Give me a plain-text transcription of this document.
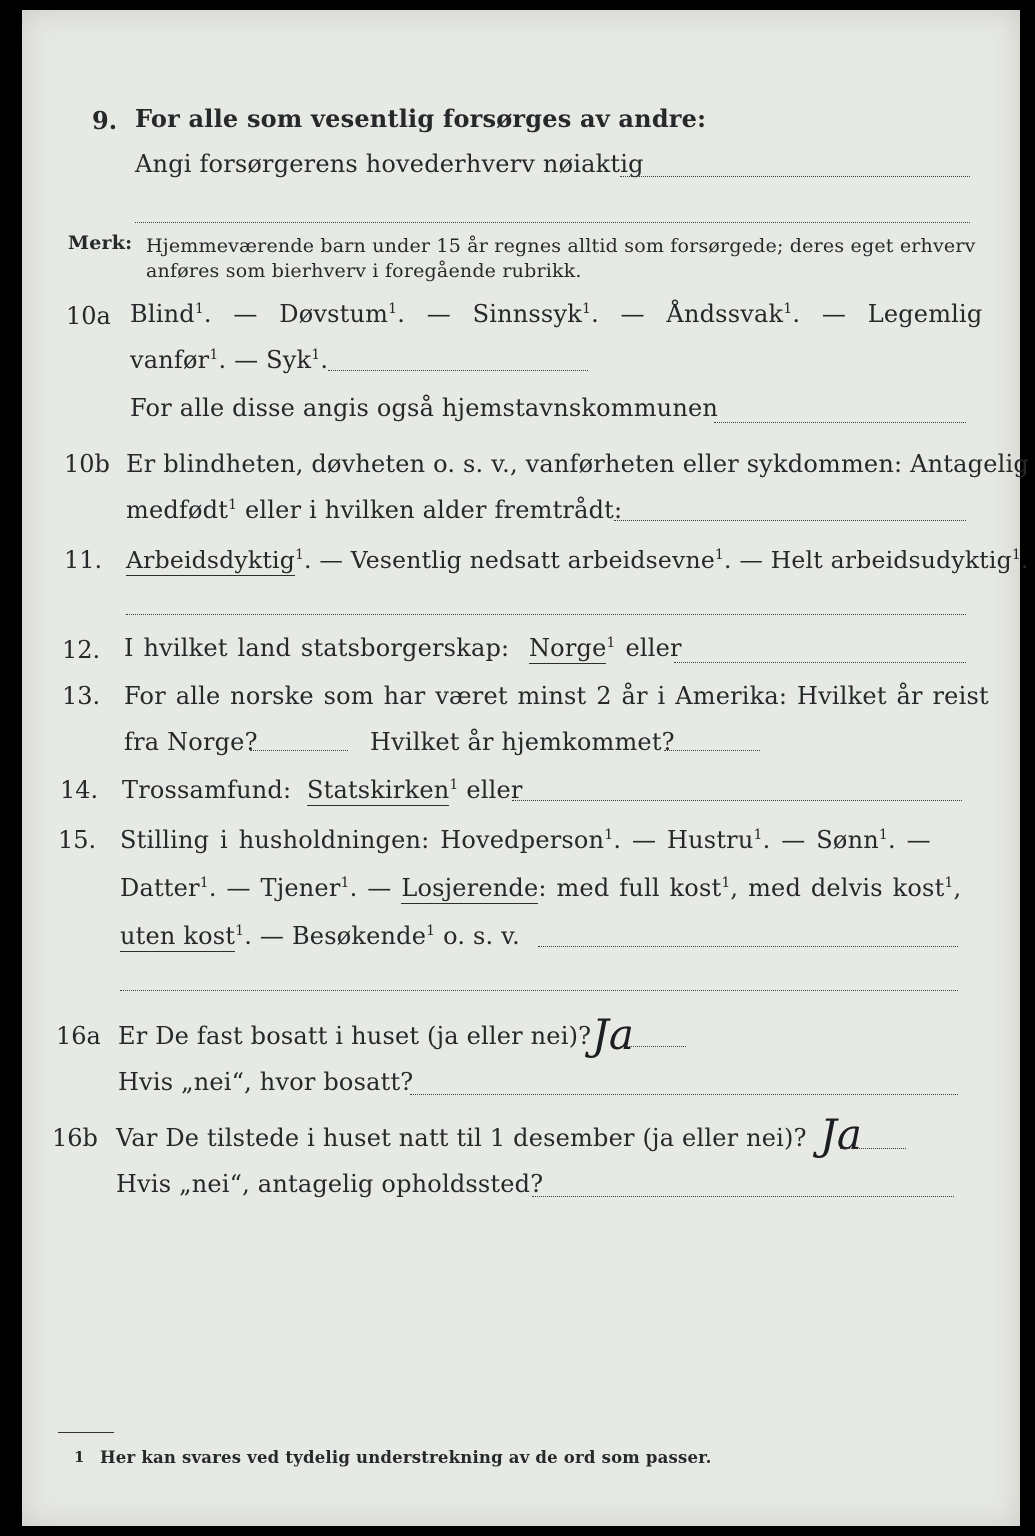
9. For alle som vesentlig forsørges av andre:
Angi forsørgerens hovederhverv nøiaktig
Merk: Hjemmeværende barn under 15 år regnes alltid som forsørgede; deres eget erhverv
anføres som bierhverv i foregående rubrikk.
10a Blind$^1$.  —  Døvstum$^1$.  —  Sinnssyk$^1$.  —  Åndssvak$^1$.  —  Legemlig
vanfør$^1$. — Syk$^1$.
For alle disse angis også hjemstavnskommunen
10b Er blindheten, døvheten o. s. v., vanførheten eller sykdommen: Antagelig
medfødt$^1$ eller i hvilken alder fremtrådt:
11. Arbeidsdyktig$^1$. — Vesentlig nedsatt arbeidsevne$^1$. — Helt arbeidsudyktig$^1$.
12. I hvilket land statsborgerskap: Norge$^1$ eller
13. For alle norske som har været minst 2 år i Amerika: Hvilket år reist
fra Norge?	Hvilket år hjemkommet?
14. Trossamfund: Statskirken$^1$ eller
15. Stilling i husholdningen: Hovedperson$^1$. — Hustru$^1$. — Sønn$^1$. —
Datter$^1$. — Tjener$^1$. — Losjerende: med full kost$^1$, med delvis kost$^1$,
uten kost$^1$. — Besøkende$^1$ o. s. v.
16a Er De fast bosatt i huset (ja eller nei)? Ja
Hvis „nei“, hvor bosatt?
16b Var De tilstede i huset natt til 1 desember (ja eller nei)? Ja
Hvis „nei“, antagelig opholdssted?
1 Her kan svares ved tydelig understrekning av de ord som passer.
